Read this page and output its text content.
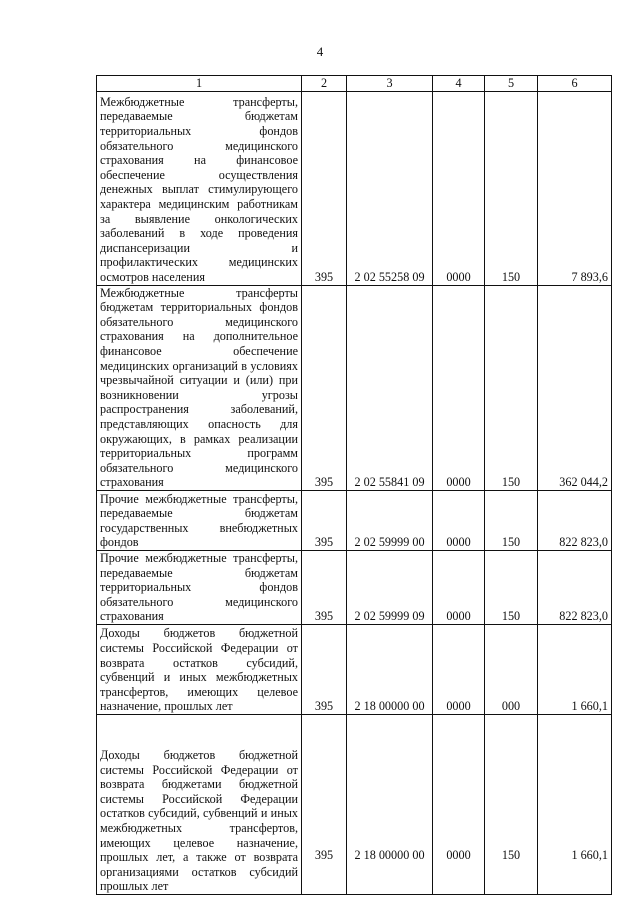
4
1	2	3	4	5	6
Межбюджетные трансферты, передаваемые бюджетам территориальных фондов обязательного медицинского страхования на финансовое обеспечение осуществления денежных выплат стимулирующего характера медицинским работникам за выявление онкологических заболеваний в ходе проведения диспансеризации и профилактических медицинских осмотров населения	395	2 02 55258 09	0000	150	7 893,6
Межбюджетные трансферты бюджетам территориальных фондов обязательного медицинского страхования на дополнительное финансовое обеспечение медицинских организаций в условиях чрезвычайной ситуации и (или) при возникновении угрозы распространения заболеваний, представляющих опасность для окружающих, в рамках реализации территориальных программ обязательного медицинского страхования	395	2 02 55841 09	0000	150	362 044,2
Прочие межбюджетные трансферты, передаваемые бюджетам государственных внебюджетных фондов	395	2 02 59999 00	0000	150	822 823,0
Прочие межбюджетные трансферты, передаваемые бюджетам территориальных фондов обязательного медицинского страхования	395	2 02 59999 09	0000	150	822 823,0
Доходы бюджетов бюджетной системы Российской Федерации от возврата остатков субсидий, субвенций и иных межбюджетных трансфертов, имеющих целевое назначение, прошлых лет	395	2 18 00000 00	0000	000	1 660,1
Доходы бюджетов бюджетной системы Российской Федерации от возврата бюджетами бюджетной системы Российской Федерации остатков субсидий, субвенций и иных межбюджетных трансфертов, имеющих целевое назначение, прошлых лет, а также от возврата организациями остатков субсидий прошлых лет	395	2 18 00000 00	0000	150	1 660,1
